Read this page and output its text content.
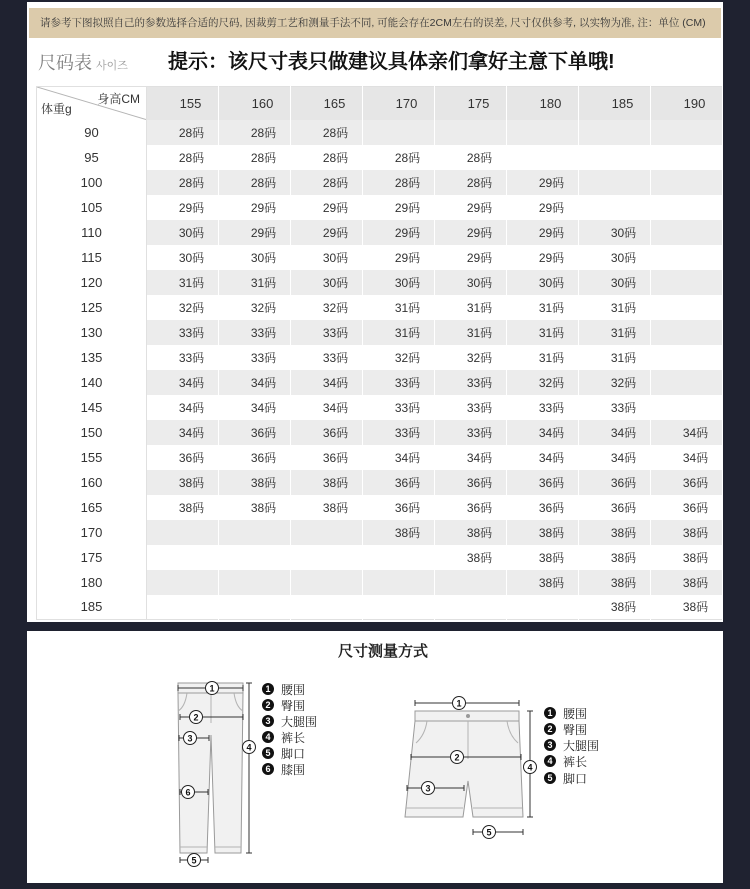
请参考下图拟照自己的参数选择合适的尺码, 因裁剪工艺和测量手法不同, 可能会存在2CM左右的误差, 尺寸仅供参考, 以实物为准, 注：单位 (CM)
尺码表 사이즈 提示：该尺寸表只做建议具体亲们拿好主意下单哦!
身高CM
体重g	155	160	165	170	175	180	185	190
90	28码	28码	28码					
95	28码	28码	28码	28码	28码			
100	28码	28码	28码	28码	28码	29码		
105	29码	29码	29码	29码	29码	29码		
110	30码	29码	29码	29码	29码	29码	30码	
115	30码	30码	30码	29码	29码	29码	30码	
120	31码	31码	30码	30码	30码	30码	30码	
125	32码	32码	32码	31码	31码	31码	31码	
130	33码	33码	33码	31码	31码	31码	31码	
135	33码	33码	33码	32码	32码	31码	31码	
140	34码	34码	34码	33码	33码	32码	32码	
145	34码	34码	34码	33码	33码	33码	33码	
150	34码	36码	36码	33码	33码	34码	34码	34码
155	36码	36码	36码	34码	34码	34码	34码	34码
160	38码	38码	38码	36码	36码	36码	36码	36码
165	38码	38码	38码	36码	36码	36码	36码	36码
170				38码	38码	38码	38码	38码
175					38码	38码	38码	38码
180						38码	38码	38码
185							38码	38码
尺寸测量方式
1
2
3
4
6
5
1
2
3
4
5
1 腰围
2 臀围
3 大腿围
4 裤长
5 脚口
6 膝围
1 腰围
2 臀围
3 大腿围
4 裤长
5 脚口
